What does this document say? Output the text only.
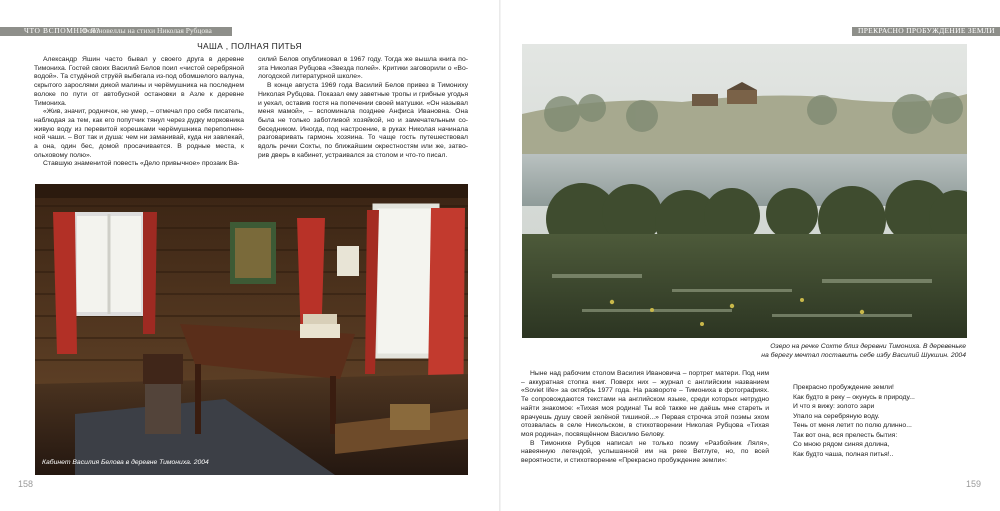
ЧТО ВСПОМНЮ Я?
Фотоновеллы на стихи Николая Рубцова	ПРЕКРАСНО ПРОБУЖДЕНИЕ ЗЕМЛИ
ЧАША , ПОЛНАЯ ПИТЬЯ

Александр Яшин часто бывал у своего друга в деревне Тимониха. Гостей своих Василий Белов поил «чистой серебряной водой». Та студёной струёй выбегала из-под обомшелого валуна, скрытого зарослями дикой малины и черёмушника на последнем волоке по пути от автобусной остановки в Азле к деревне Тимониха.

«Жив, значит, родничок, не умер, – отмечал про себя писатель, наблюдая за тем, как его попутчик тянул через дудку морковника живую воду из перевитой корешками черёмушника переполненной чаши. – Вот так и душа: чем ни заманивай, куда ни завлекай, а она, один бес, домой просачивается. В родные места, к ольховому полю».

Ставшую знаменитой повесть «Дело привычное» прозаик Ва-

силий Белов опубликовал в 1967 году. Тогда же вышла книга поэта Николая Рубцова «Звезда полей». Критики заговорили о «Вологодской литературной школе».

В конце августа 1969 года Василий Белов привез в Тимониху Николая Рубцова. Показал ему заветные тропы и грибные угодья и уехал, оставив гостя на попечении своей матушки. «Он называл меня мамой», – вспоминала позднее Анфиса Ивановна. Она была не только заботливой хозяйкой, но и замечательным собеседником. Иногда, под настроение, в руках Николая начинала разговаривать гармонь хозяина. То чаще гость путешествовал вдоль речки Сохты, по ближайшим окрестностям или же, затворив дверь в кабинет, устраивался за столом и что-то писал.

Кабинет Василия Белова в деревне Тимониха. 2004
158
Озеро на речке Сохте близ деревни Тимониха. В деревеньке
на берегу мечтал поставить себе избу Василий Шукшин. 2004

Ныне над рабочим столом Василия Ивановича – портрет матери. Под ним – аккуратная стопка книг. Поверх них – журнал с английским названием «Soviet life» за октябрь 1977 года. На развороте – Тимониха в фотографиях. Те сопровождаются текстами на английском языке, среди которых нетрудно найти знакомое: «Тихая моя родина! Ты всё также не даёшь мне стареть и врачуешь душу своей зелёной тишиной...» Первая строчка этой поэмы эхом отозвалась в селе Никольском, в стихотворении Николая Рубцова «Тихая моя родина», посвящённом Василию Белову.

В Тимонихе Рубцов написал не только поэму «Разбойник Ляля», навеянную легендой, услышанной им на реке Ветлуге, но, по всей вероятности, и стихотворение «Прекрасно пробуждение земли»:

Прекрасно пробуждение земли!
Как будто в реку – окунусь в природу...
И что я вижу: золото зари
Упало на серебряную воду.
Тень от меня летит по полю длинно...
Так вот она, вся прелесть бытия:
Со мною рядом синяя долина,
Как будто чаша, полная питья!..
159
